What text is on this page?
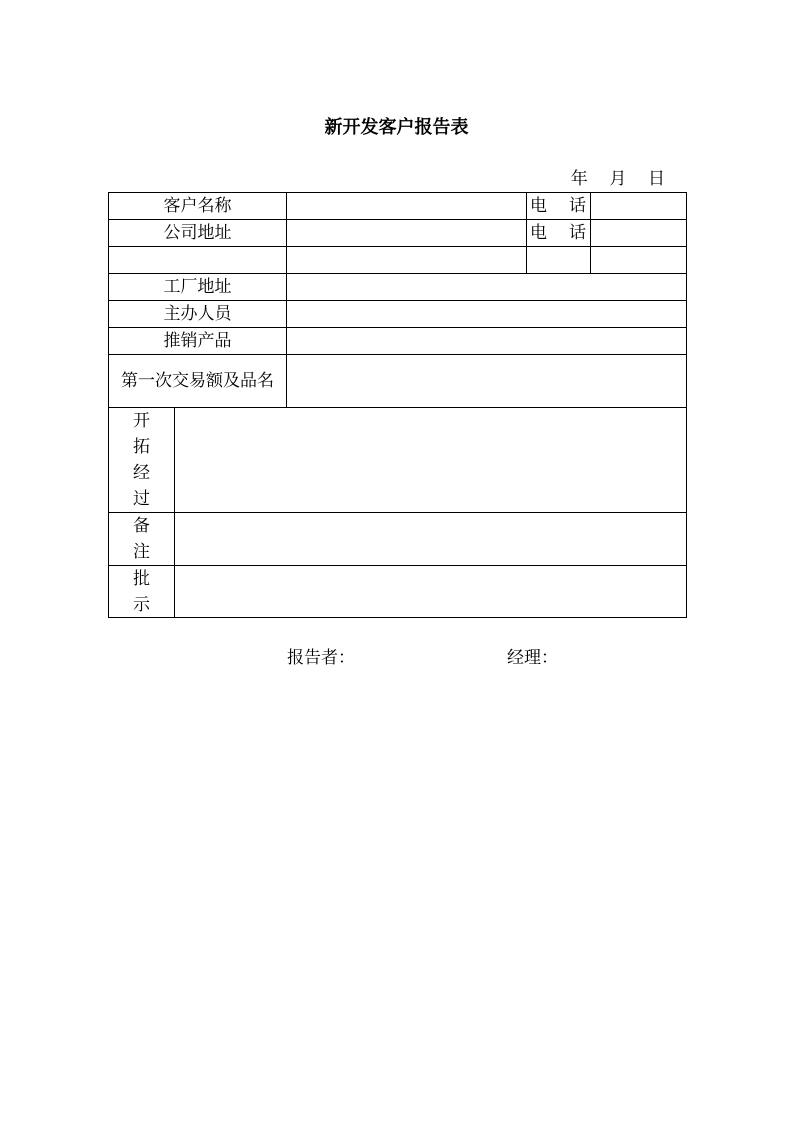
新开发客户报告表
年 月 日
客户名称	电 话
公司地址	电 话
工厂地址
主办人员
推销产品
第一次交易额及品名
开拓经过
备注
批示
报告者：	经理：
